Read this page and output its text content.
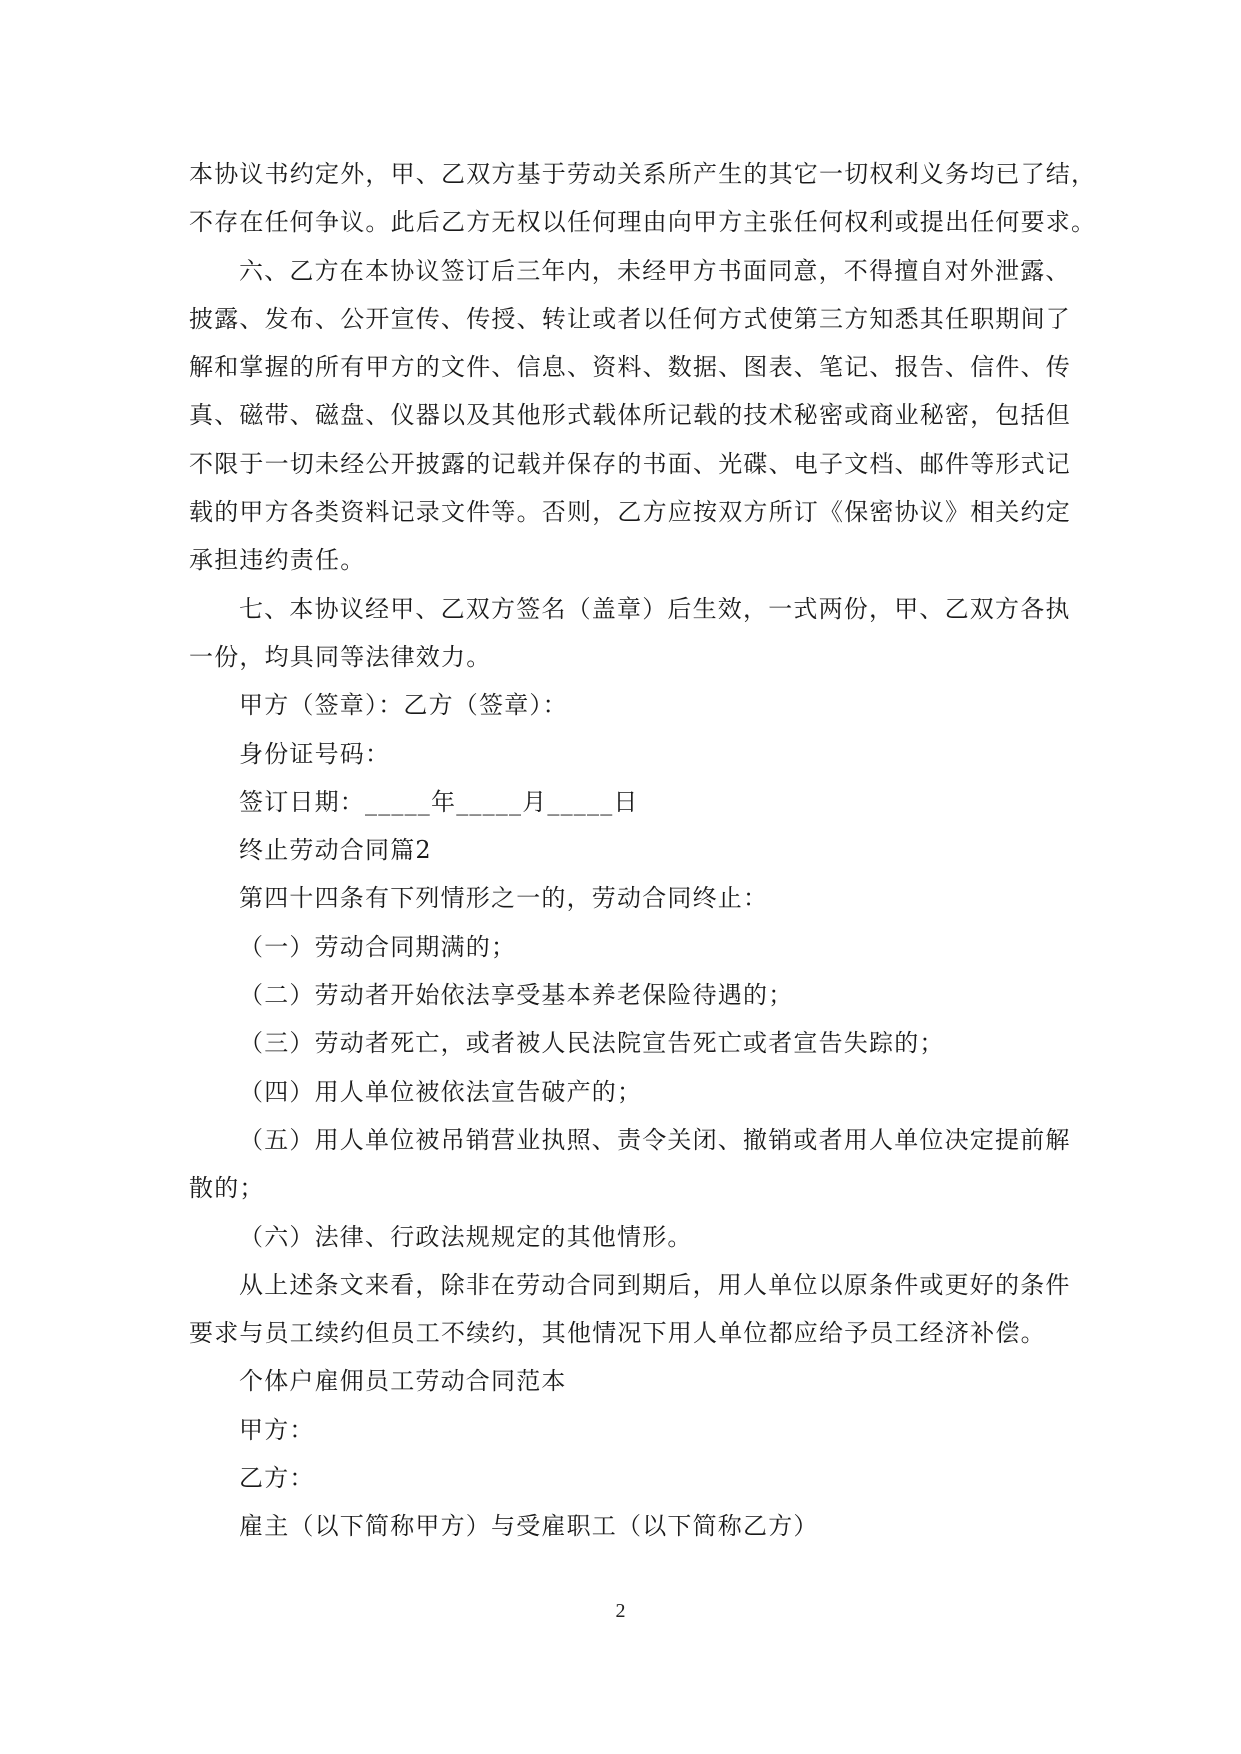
本协议书约定外，甲、乙双方基于劳动关系所产生的其它一切权利义务均已了结，
不存在任何争议。此后乙方无权以任何理由向甲方主张任何权利或提出任何要求。
六、乙方在本协议签订后三年内，未经甲方书面同意，不得擅自对外泄露、
披露、发布、公开宣传、传授、转让或者以任何方式使第三方知悉其任职期间了
解和掌握的所有甲方的文件、信息、资料、数据、图表、笔记、报告、信件、传
真、磁带、磁盘、仪器以及其他形式载体所记载的技术秘密或商业秘密，包括但
不限于一切未经公开披露的记载并保存的书面、光碟、电子文档、邮件等形式记
载的甲方各类资料记录文件等。否则，乙方应按双方所订《保密协议》相关约定
承担违约责任。
七、本协议经甲、乙双方签名（盖章）后生效，一式两份，甲、乙双方各执
一份，均具同等法律效力。
甲方（签章）：乙方（签章）：
身份证号码：
签订日期：_____年_____月_____日
终止劳动合同篇2
第四十四条有下列情形之一的，劳动合同终止：
（一）劳动合同期满的；
（二）劳动者开始依法享受基本养老保险待遇的；
（三）劳动者死亡，或者被人民法院宣告死亡或者宣告失踪的；
（四）用人单位被依法宣告破产的；
（五）用人单位被吊销营业执照、责令关闭、撤销或者用人单位决定提前解
散的；
（六）法律、行政法规规定的其他情形。
从上述条文来看，除非在劳动合同到期后，用人单位以原条件或更好的条件
要求与员工续约但员工不续约，其他情况下用人单位都应给予员工经济补偿。
个体户雇佣员工劳动合同范本
甲方：
乙方：
雇主（以下简称甲方）与受雇职工（以下简称乙方）
2
